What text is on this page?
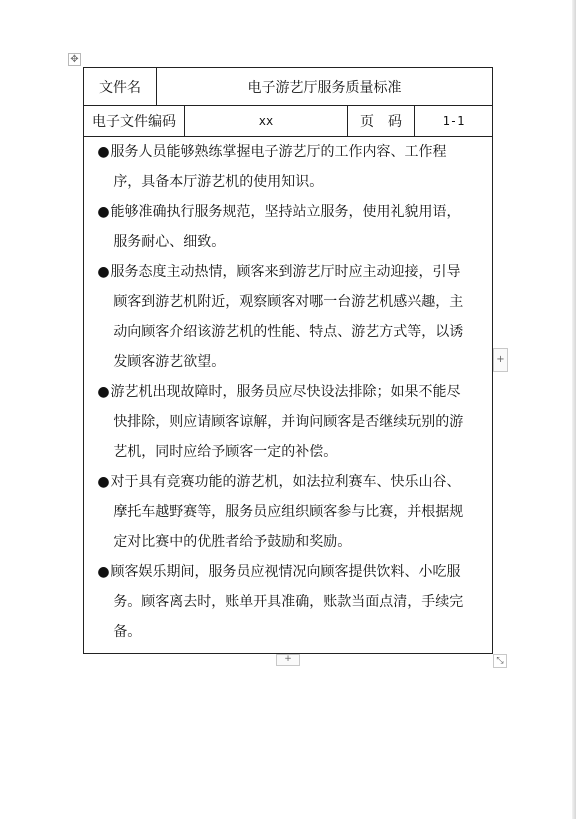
✥
文件名	电子游艺厅服务质量标准
电子文件编码	xx	页　码	1-1
●服务人员能够熟练掌握电子游艺厅的工作内容、工作程
序，具备本厅游艺机的使用知识。
●能够准确执行服务规范，坚持站立服务，使用礼貌用语，
服务耐心、细致。
●服务态度主动热情，顾客来到游艺厅时应主动迎接，引导
顾客到游艺机附近，观察顾客对哪一台游艺机感兴趣，主
动向顾客介绍该游艺机的性能、特点、游艺方式等，以诱
发顾客游艺欲望。
●游艺机出现故障时，服务员应尽快设法排除；如果不能尽
快排除，则应请顾客谅解，并询问顾客是否继续玩别的游
艺机，同时应给予顾客一定的补偿。
●对于具有竞赛功能的游艺机，如法拉利赛车、快乐山谷、
摩托车越野赛等，服务员应组织顾客参与比赛，并根据规
定对比赛中的优胜者给予鼓励和奖励。
●顾客娱乐期间，服务员应视情况向顾客提供饮料、小吃服
务。顾客离去时，账单开具准确，账款当面点清，手续完
备。
+
+
⤡
